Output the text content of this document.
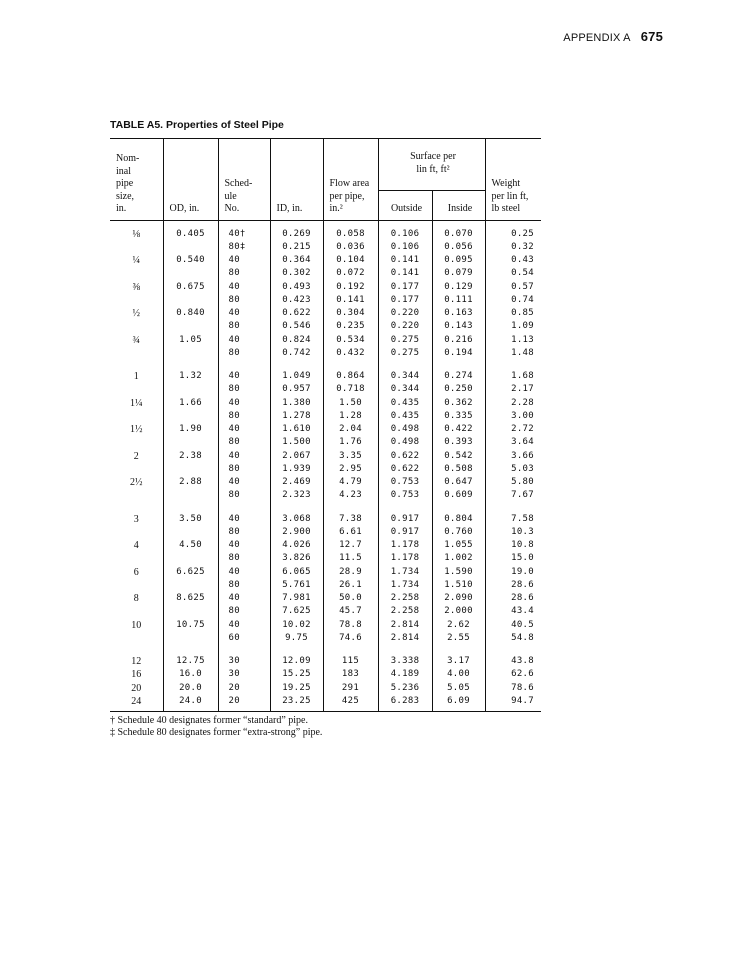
APPENDIX A 675
TABLE A5. Properties of Steel Pipe
Nom-
inal
pipe
size,
in.	OD, in.	Sched-
ule
No.	ID, in.	Flow area
per pipe,
in.²	Surface per
lin ft, ft²		Weight
per lin ft,
lb steel
					Outside	Inside	
⅛	0.405	40†	0.269	0.058	0.106	0.070	0.25
		80‡	0.215	0.036	0.106	0.056	0.32
¼	0.540	40	0.364	0.104	0.141	0.095	0.43
		80	0.302	0.072	0.141	0.079	0.54
⅜	0.675	40	0.493	0.192	0.177	0.129	0.57
		80	0.423	0.141	0.177	0.111	0.74
½	0.840	40	0.622	0.304	0.220	0.163	0.85
		80	0.546	0.235	0.220	0.143	1.09
¾	1.05	40	0.824	0.534	0.275	0.216	1.13
		80	0.742	0.432	0.275	0.194	1.48
1	1.32	40	1.049	0.864	0.344	0.274	1.68
		80	0.957	0.718	0.344	0.250	2.17
1¼	1.66	40	1.380	1.50	0.435	0.362	2.28
		80	1.278	1.28	0.435	0.335	3.00
1½	1.90	40	1.610	2.04	0.498	0.422	2.72
		80	1.500	1.76	0.498	0.393	3.64
2	2.38	40	2.067	3.35	0.622	0.542	3.66
		80	1.939	2.95	0.622	0.508	5.03
2½	2.88	40	2.469	4.79	0.753	0.647	5.80
		80	2.323	4.23	0.753	0.609	7.67
3	3.50	40	3.068	7.38	0.917	0.804	7.58
		80	2.900	6.61	0.917	0.760	10.3
4	4.50	40	4.026	12.7	1.178	1.055	10.8
		80	3.826	11.5	1.178	1.002	15.0
6	6.625	40	6.065	28.9	1.734	1.590	19.0
		80	5.761	26.1	1.734	1.510	28.6
8	8.625	40	7.981	50.0	2.258	2.090	28.6
		80	7.625	45.7	2.258	2.000	43.4
10	10.75	40	10.02	78.8	2.814	2.62	40.5
		60	9.75	74.6	2.814	2.55	54.8
12	12.75	30	12.09	115	3.338	3.17	43.8
16	16.0	30	15.25	183	4.189	4.00	62.6
20	20.0	20	19.25	291	5.236	5.05	78.6
24	24.0	20	23.25	425	6.283	6.09	94.7
† Schedule 40 designates former “standard” pipe.
‡ Schedule 80 designates former “extra-strong” pipe.
